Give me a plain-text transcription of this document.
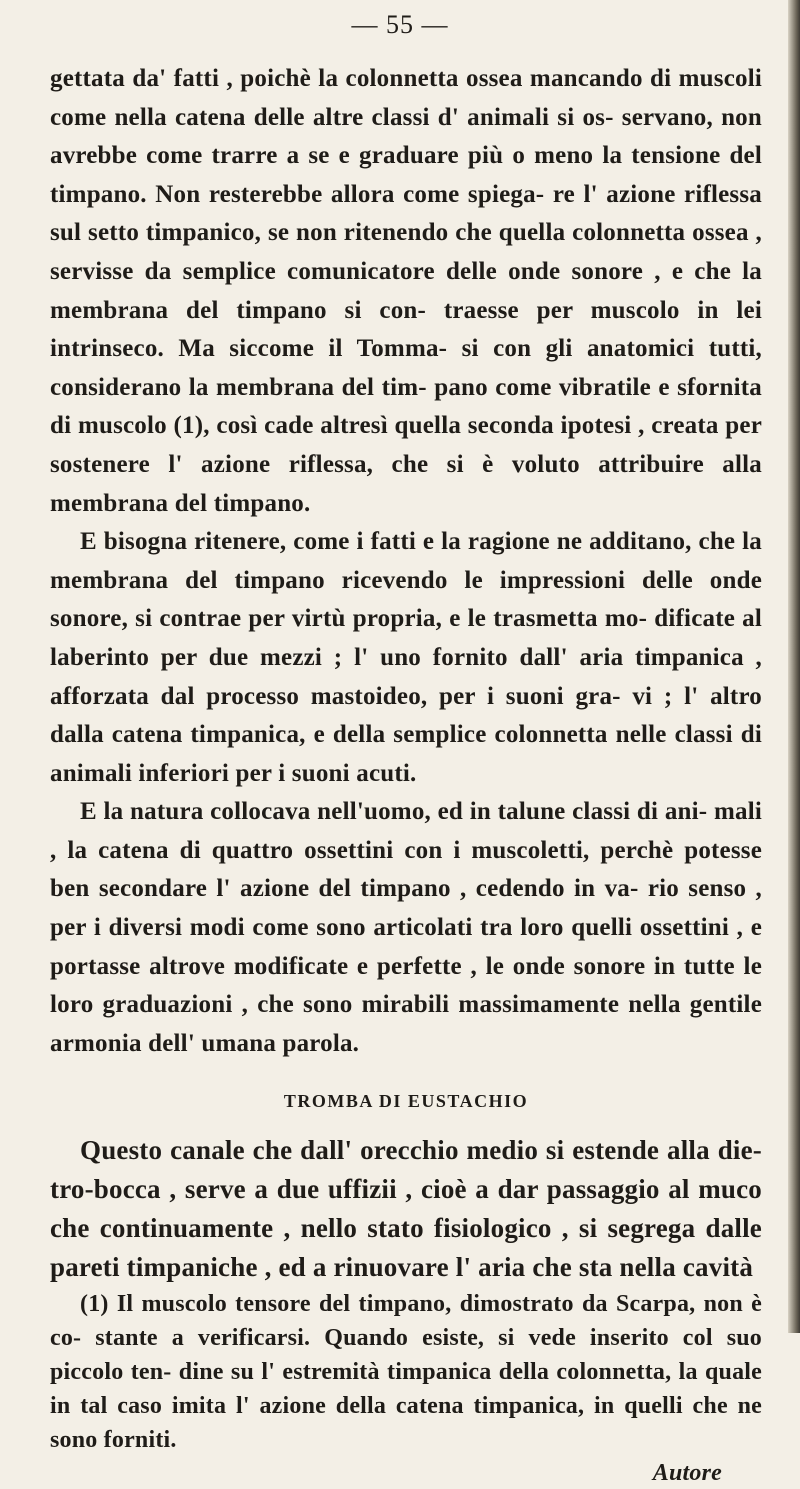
— 55 —

gettata da' fatti , poichè la colonnetta ossea mancando di muscoli come nella catena delle altre classi d' animali si os- servano, non avrebbe come trarre a se e graduare più o meno la tensione del timpano. Non resterebbe allora come spiega- re l' azione riflessa sul setto timpanico, se non ritenendo che quella colonnetta ossea , servisse da semplice comunicatore delle onde sonore , e che la membrana del timpano si con- traesse per muscolo in lei intrinseco. Ma siccome il Tomma- si con gli anatomici tutti, considerano la membrana del tim- pano come vibratile e sfornita di muscolo (1), così cade altresì quella seconda ipotesi , creata per sostenere l' azione riflessa, che si è voluto attribuire alla membrana del timpano.

E bisogna ritenere, come i fatti e la ragione ne additano, che la membrana del timpano ricevendo le impressioni delle onde sonore, si contrae per virtù propria, e le trasmetta mo- dificate al laberinto per due mezzi ; l' uno fornito dall' aria timpanica , afforzata dal processo mastoideo, per i suoni gra- vi ; l' altro dalla catena timpanica, e della semplice colonnetta nelle classi di animali inferiori per i suoni acuti.

E la natura collocava nell'uomo, ed in talune classi di ani- mali , la catena di quattro ossettini con i muscoletti, perchè potesse ben secondare l' azione del timpano , cedendo in va- rio senso , per i diversi modi come sono articolati tra loro quelli ossettini , e portasse altrove modificate e perfette , le onde sonore in tutte le loro graduazioni , che sono mirabili massimamente nella gentile armonia dell' umana parola.

TROMBA DI EUSTACHIO

Questo canale che dall' orecchio medio si estende alla die- tro-bocca , serve a due uffizii , cioè a dar passaggio al muco che continuamente , nello stato fisiologico , si segrega dalle pareti timpaniche , ed a rinuovare l' aria che sta nella cavità

(1) Il muscolo tensore del timpano, dimostrato da Scarpa, non è co- stante a verificarsi. Quando esiste, si vede inserito col suo piccolo ten- dine su l' estremità timpanica della colonnetta, la quale in tal caso imita l' azione della catena timpanica, in quelli che ne sono forniti.

Autore
